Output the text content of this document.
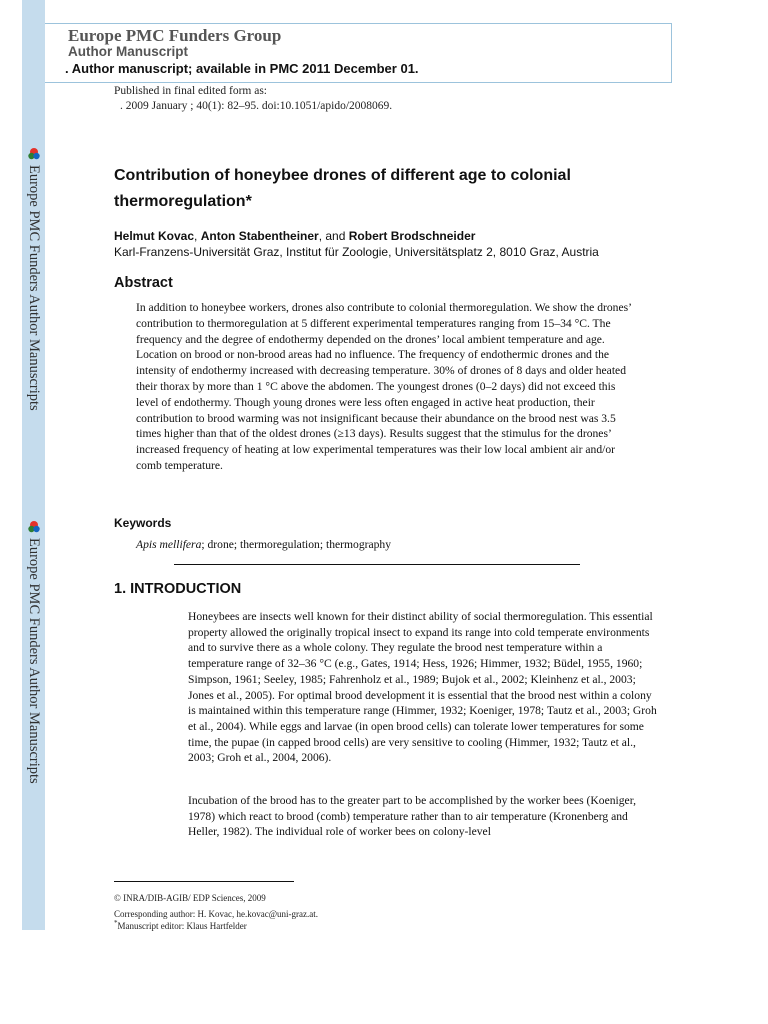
Europe PMC Funders Author Manuscripts
Europe PMC Funders Author Manuscripts
Europe PMC Funders Group
Author Manuscript
. Author manuscript; available in PMC 2011 December 01.
Published in final edited form as:
. 2009 January ; 40(1): 82–95. doi:10.1051/apido/2008069.
Contribution of honeybee drones of different age to colonial thermoregulation*
Helmut Kovac, Anton Stabentheiner, and Robert Brodschneider
Karl-Franzens-Universität Graz, Institut für Zoologie, Universitätsplatz 2, 8010 Graz, Austria
Abstract

In addition to honeybee workers, drones also contribute to colonial thermoregulation. We show the drones’ contribution to thermoregulation at 5 different experimental temperatures ranging from 15–34 °C. The frequency and the degree of endothermy depended on the drones’ local ambient temperature and age. Location on brood or non-brood areas had no influence. The frequency of endothermic drones and the intensity of endothermy increased with decreasing temperature. 30% of drones of 8 days and older heated their thorax by more than 1 °C above the abdomen. The youngest drones (0–2 days) did not exceed this level of endothermy. Though young drones were less often engaged in active heat production, their contribution to brood warming was not insignificant because their abundance on the brood nest was 3.5 times higher than that of the oldest drones (≥13 days). Results suggest that the stimulus for the drones’ increased frequency of heating at low experimental temperatures was their low local ambient air and/or comb temperature.

Keywords
Apis mellifera; drone; thermoregulation; thermography
1. INTRODUCTION

Honeybees are insects well known for their distinct ability of social thermoregulation. This essential property allowed the originally tropical insect to expand its range into cold temperate environments and to survive there as a whole colony. They regulate the brood nest temperature within a temperature range of 32–36 °C (e.g., Gates, 1914; Hess, 1926; Himmer, 1932; Büdel, 1955, 1960; Simpson, 1961; Seeley, 1985; Fahrenholz et al., 1989; Bujok et al., 2002; Kleinhenz et al., 2003; Jones et al., 2005). For optimal brood development it is essential that the brood nest within a colony is maintained within this temperature range (Himmer, 1932; Koeniger, 1978; Tautz et al., 2003; Groh et al., 2004). While eggs and larvae (in open brood cells) can tolerate lower temperatures for some time, the pupae (in capped brood cells) are very sensitive to cooling (Himmer, 1932; Tautz et al., 2003; Groh et al., 2004, 2006).

Incubation of the brood has to the greater part to be accomplished by the worker bees (Koeniger, 1978) which react to brood (comb) temperature rather than to air temperature (Kronenberg and Heller, 1982). The individual role of worker bees on colony-level

© INRA/DIB-AGIB/ EDP Sciences, 2009
Corresponding author: H. Kovac, he.kovac@uni-graz.at.
*Manuscript editor: Klaus Hartfelder
